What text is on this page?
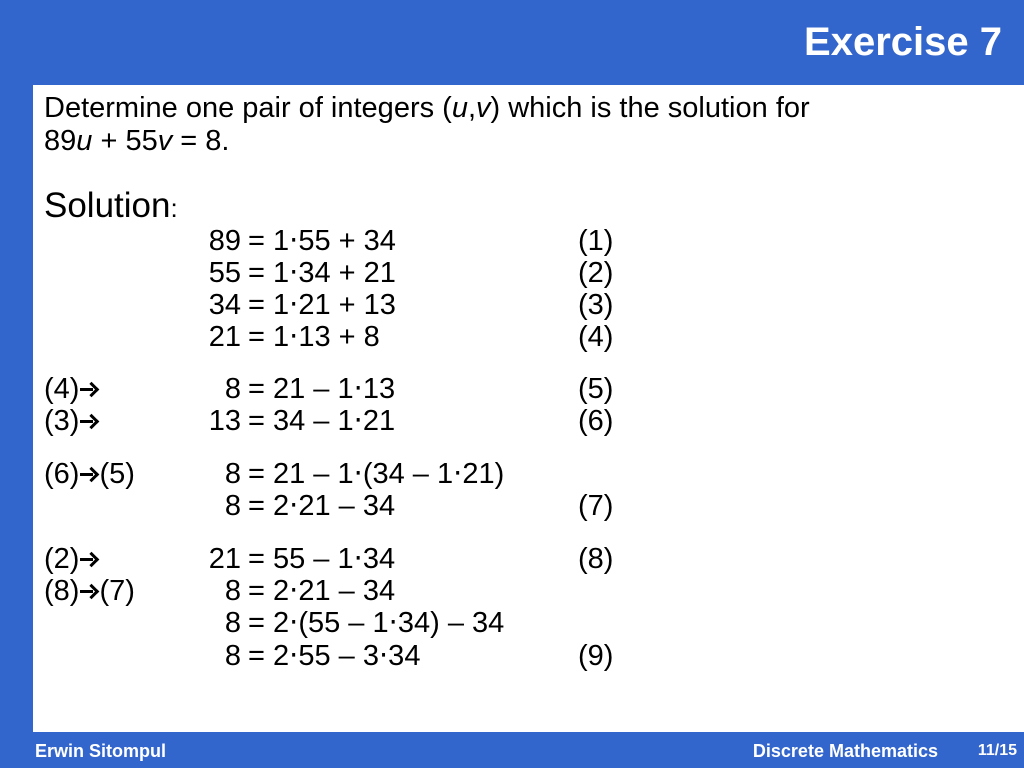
Exercise 7
Determine one pair of integers (u,v) which is the solution for
89u + 55v = 8.
Solution:
89 = 1⋅55 + 34	(1)
55 = 1⋅34 + 21	(2)
34 = 1⋅21 + 13	(3)
21 = 1⋅13 + 8	(4)
(4)	8 = 21 – 1⋅13	(5)
(3)	13 = 34 – 1⋅21	(6)
(6) (5)	8 = 21 – 1⋅(34 – 1⋅21)
8 = 2⋅21 – 34	(7)
(2)	21 = 55 – 1⋅34	(8)
(8) (7)	8 = 2⋅21 – 34
8 = 2⋅(55 – 1⋅34) – 34
8 = 2⋅55 – 3⋅34	(9)
Erwin Sitompul	Discrete Mathematics 11/15
